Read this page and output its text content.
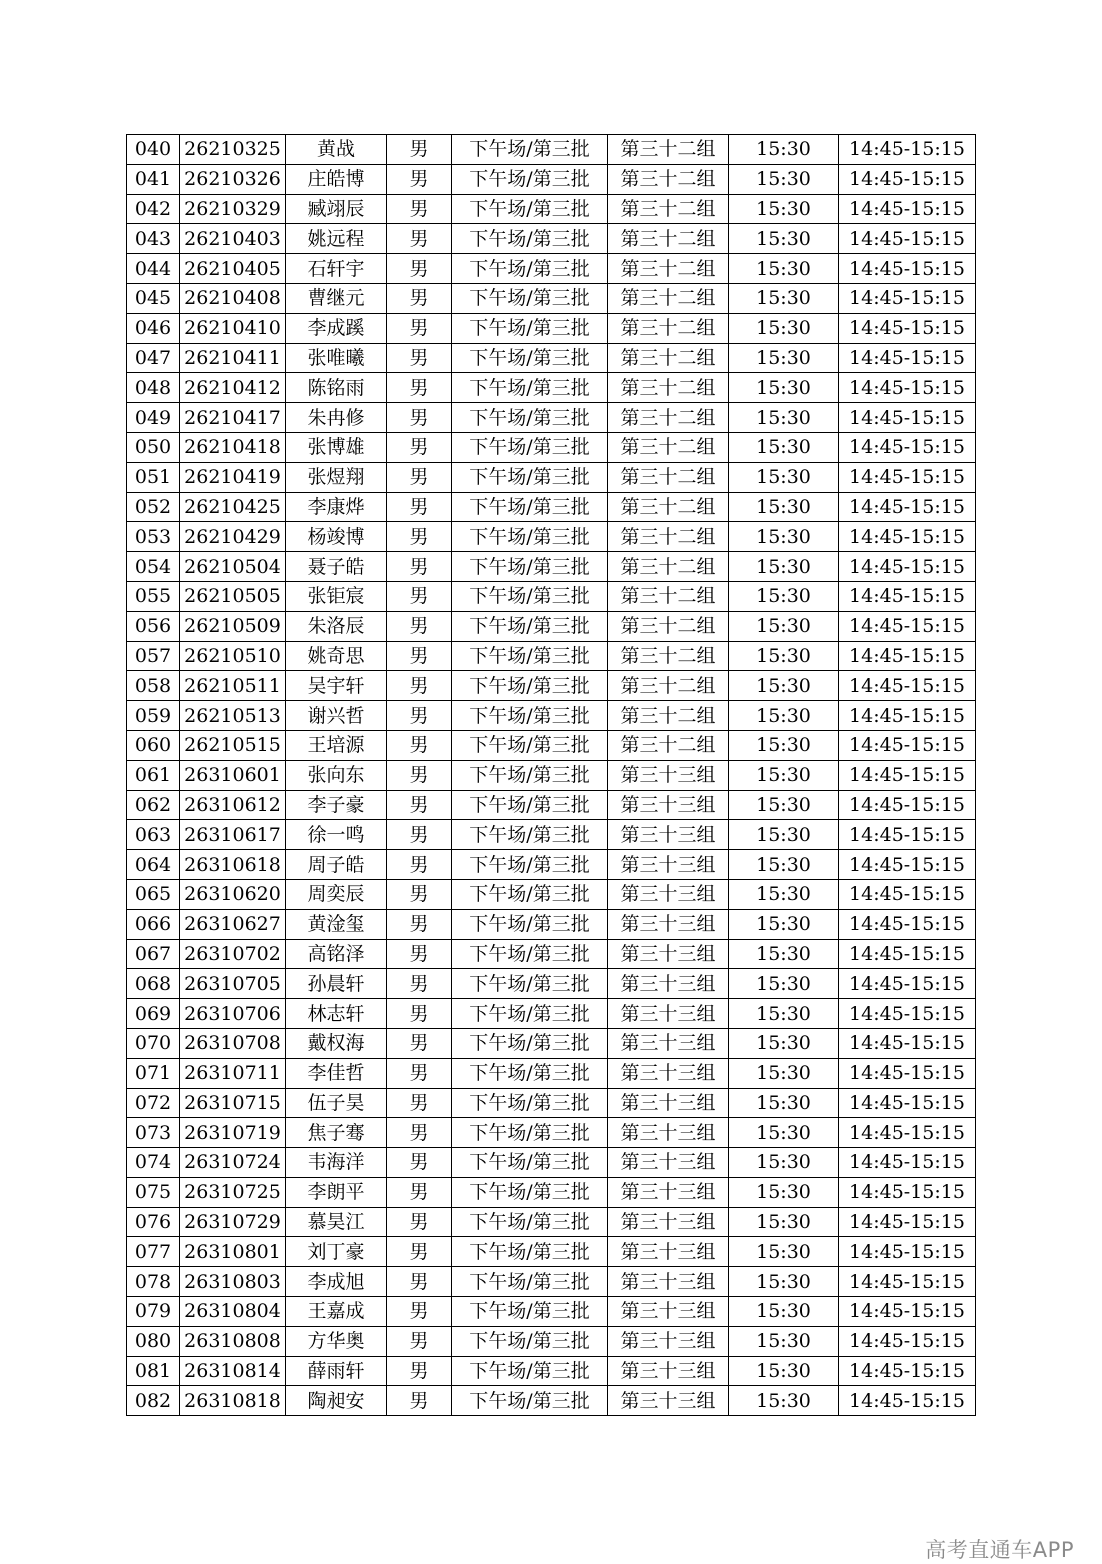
040	26210325	黄战	男	下午场/第三批	第三十二组	15:30	14:45-15:15
041	26210326	庄皓博	男	下午场/第三批	第三十二组	15:30	14:45-15:15
042	26210329	臧翊辰	男	下午场/第三批	第三十二组	15:30	14:45-15:15
043	26210403	姚远程	男	下午场/第三批	第三十二组	15:30	14:45-15:15
044	26210405	石轩宇	男	下午场/第三批	第三十二组	15:30	14:45-15:15
045	26210408	曹继元	男	下午场/第三批	第三十二组	15:30	14:45-15:15
046	26210410	李成蹊	男	下午场/第三批	第三十二组	15:30	14:45-15:15
047	26210411	张唯曦	男	下午场/第三批	第三十二组	15:30	14:45-15:15
048	26210412	陈铭雨	男	下午场/第三批	第三十二组	15:30	14:45-15:15
049	26210417	朱冉修	男	下午场/第三批	第三十二组	15:30	14:45-15:15
050	26210418	张博雄	男	下午场/第三批	第三十二组	15:30	14:45-15:15
051	26210419	张煜翔	男	下午场/第三批	第三十二组	15:30	14:45-15:15
052	26210425	李康烨	男	下午场/第三批	第三十二组	15:30	14:45-15:15
053	26210429	杨竣博	男	下午场/第三批	第三十二组	15:30	14:45-15:15
054	26210504	聂子皓	男	下午场/第三批	第三十二组	15:30	14:45-15:15
055	26210505	张钜宸	男	下午场/第三批	第三十二组	15:30	14:45-15:15
056	26210509	朱洛辰	男	下午场/第三批	第三十二组	15:30	14:45-15:15
057	26210510	姚奇思	男	下午场/第三批	第三十二组	15:30	14:45-15:15
058	26210511	吴宇轩	男	下午场/第三批	第三十二组	15:30	14:45-15:15
059	26210513	谢兴哲	男	下午场/第三批	第三十二组	15:30	14:45-15:15
060	26210515	王培源	男	下午场/第三批	第三十二组	15:30	14:45-15:15
061	26310601	张向东	男	下午场/第三批	第三十三组	15:30	14:45-15:15
062	26310612	李子豪	男	下午场/第三批	第三十三组	15:30	14:45-15:15
063	26310617	徐一鸣	男	下午场/第三批	第三十三组	15:30	14:45-15:15
064	26310618	周子皓	男	下午场/第三批	第三十三组	15:30	14:45-15:15
065	26310620	周奕辰	男	下午场/第三批	第三十三组	15:30	14:45-15:15
066	26310627	黄淦玺	男	下午场/第三批	第三十三组	15:30	14:45-15:15
067	26310702	高铭泽	男	下午场/第三批	第三十三组	15:30	14:45-15:15
068	26310705	孙晨轩	男	下午场/第三批	第三十三组	15:30	14:45-15:15
069	26310706	林志轩	男	下午场/第三批	第三十三组	15:30	14:45-15:15
070	26310708	戴权海	男	下午场/第三批	第三十三组	15:30	14:45-15:15
071	26310711	李佳哲	男	下午场/第三批	第三十三组	15:30	14:45-15:15
072	26310715	伍子昊	男	下午场/第三批	第三十三组	15:30	14:45-15:15
073	26310719	焦子骞	男	下午场/第三批	第三十三组	15:30	14:45-15:15
074	26310724	韦海洋	男	下午场/第三批	第三十三组	15:30	14:45-15:15
075	26310725	李朗平	男	下午场/第三批	第三十三组	15:30	14:45-15:15
076	26310729	慕昊江	男	下午场/第三批	第三十三组	15:30	14:45-15:15
077	26310801	刘丁豪	男	下午场/第三批	第三十三组	15:30	14:45-15:15
078	26310803	李成旭	男	下午场/第三批	第三十三组	15:30	14:45-15:15
079	26310804	王嘉成	男	下午场/第三批	第三十三组	15:30	14:45-15:15
080	26310808	方华奥	男	下午场/第三批	第三十三组	15:30	14:45-15:15
081	26310814	薛雨轩	男	下午场/第三批	第三十三组	15:30	14:45-15:15
082	26310818	陶昶安	男	下午场/第三批	第三十三组	15:30	14:45-15:15
高考直通车APP
